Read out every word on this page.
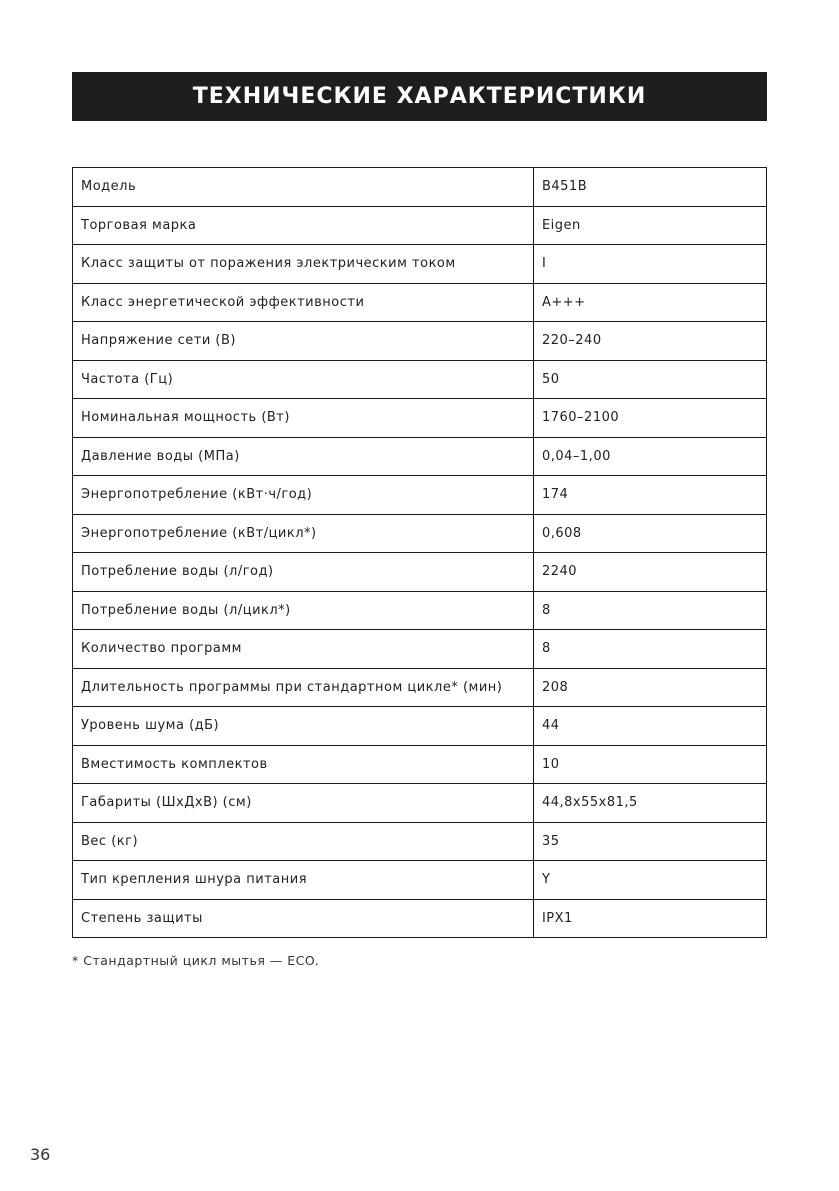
ТЕХНИЧЕСКИЕ ХАРАКТЕРИСТИКИ
Модель	B451B
Торговая марка	Eigen
Класс защиты от поражения электрическим током	I
Класс энергетической эффективности	A+++
Напряжение сети (В)	220–240
Частота (Гц)	50
Номинальная мощность (Вт)	1760–2100
Давление воды (МПа)	0,04–1,00
Энергопотребление (кВт·ч/год)	174
Энергопотребление (кВт/цикл*)	0,608
Потребление воды (л/год)	2240
Потребление воды (л/цикл*)	8
Количество программ	8
Длительность программы при стандартном цикле* (мин)	208
Уровень шума (дБ)	44
Вместимость комплектов	10
Габариты (ШхДхВ) (см)	44,8x55x81,5
Вес (кг)	35
Тип крепления шнура питания	Y
Степень защиты	IPX1
* Стандартный цикл мытья — ECO.
36
